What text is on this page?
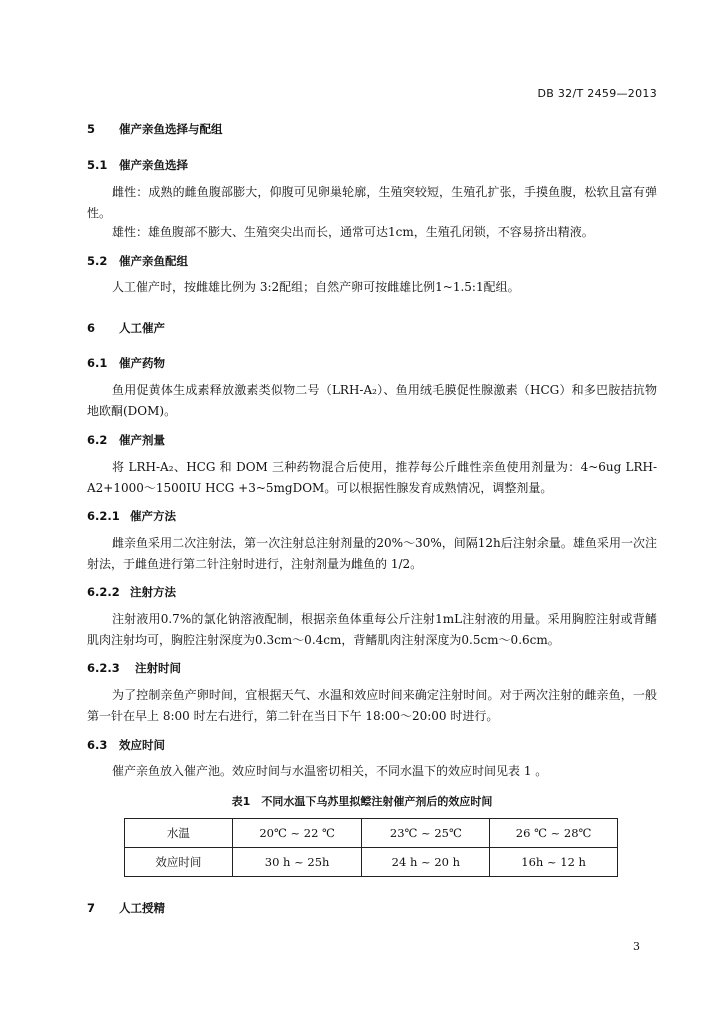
DB 32/T 2459—2013
5 催产亲鱼选择与配组
5.1 催产亲鱼选择
雌性：成熟的雌鱼腹部膨大，仰腹可见卵巢轮廓，生殖突较短，生殖孔扩张，手摸鱼腹，松软且富有弹性。
雄性：雄鱼腹部不膨大、生殖突尖出而长，通常可达1cm，生殖孔闭锁，不容易挤出精液。
5.2 催产亲鱼配组
人工催产时，按雌雄比例为 3:2配组；自然产卵可按雌雄比例1~1.5:1配组。
6 人工催产
6.1 催产药物
鱼用促黄体生成素释放激素类似物二号（LRH-A₂）、鱼用绒毛膜促性腺激素（HCG）和多巴胺拮抗物地欧酮(DOM)。
6.2 催产剂量
将 LRH-A₂、HCG 和 DOM 三种药物混合后使用，推荐每公斤雌性亲鱼使用剂量为：4~6ug LRH-A2+1000～1500IU HCG +3~5mgDOM。可以根据性腺发育成熟情况，调整剂量。
6.2.1 催产方法
雌亲鱼采用二次注射法，第一次注射总注射剂量的20%～30%，间隔12h后注射余量。雄鱼采用一次注射法，于雌鱼进行第二针注射时进行，注射剂量为雌鱼的 1/2。
6.2.2 注射方法
注射液用0.7%的氯化钠溶液配制，根据亲鱼体重每公斤注射1mL注射液的用量。采用胸腔注射或背鳍肌肉注射均可，胸腔注射深度为0.3cm～0.4cm，背鳍肌肉注射深度为0.5cm～0.6cm。
6.2.3 注射时间
为了控制亲鱼产卵时间，宜根据天气、水温和效应时间来确定注射时间。对于两次注射的雌亲鱼，一般第一针在早上 8:00 时左右进行，第二针在当日下午 18:00～20:00 时进行。
6.3 效应时间
催产亲鱼放入催产池。效应时间与水温密切相关，不同水温下的效应时间见表 1 。
表1　不同水温下乌苏里拟鲿注射催产剂后的效应时间
水温	20℃ ~ 22 ℃	23℃ ~ 25℃	26 ℃ ~ 28℃
效应时间	30 h ~ 25h	24 h ~ 20 h	16h ~ 12 h
7 人工授精
3
